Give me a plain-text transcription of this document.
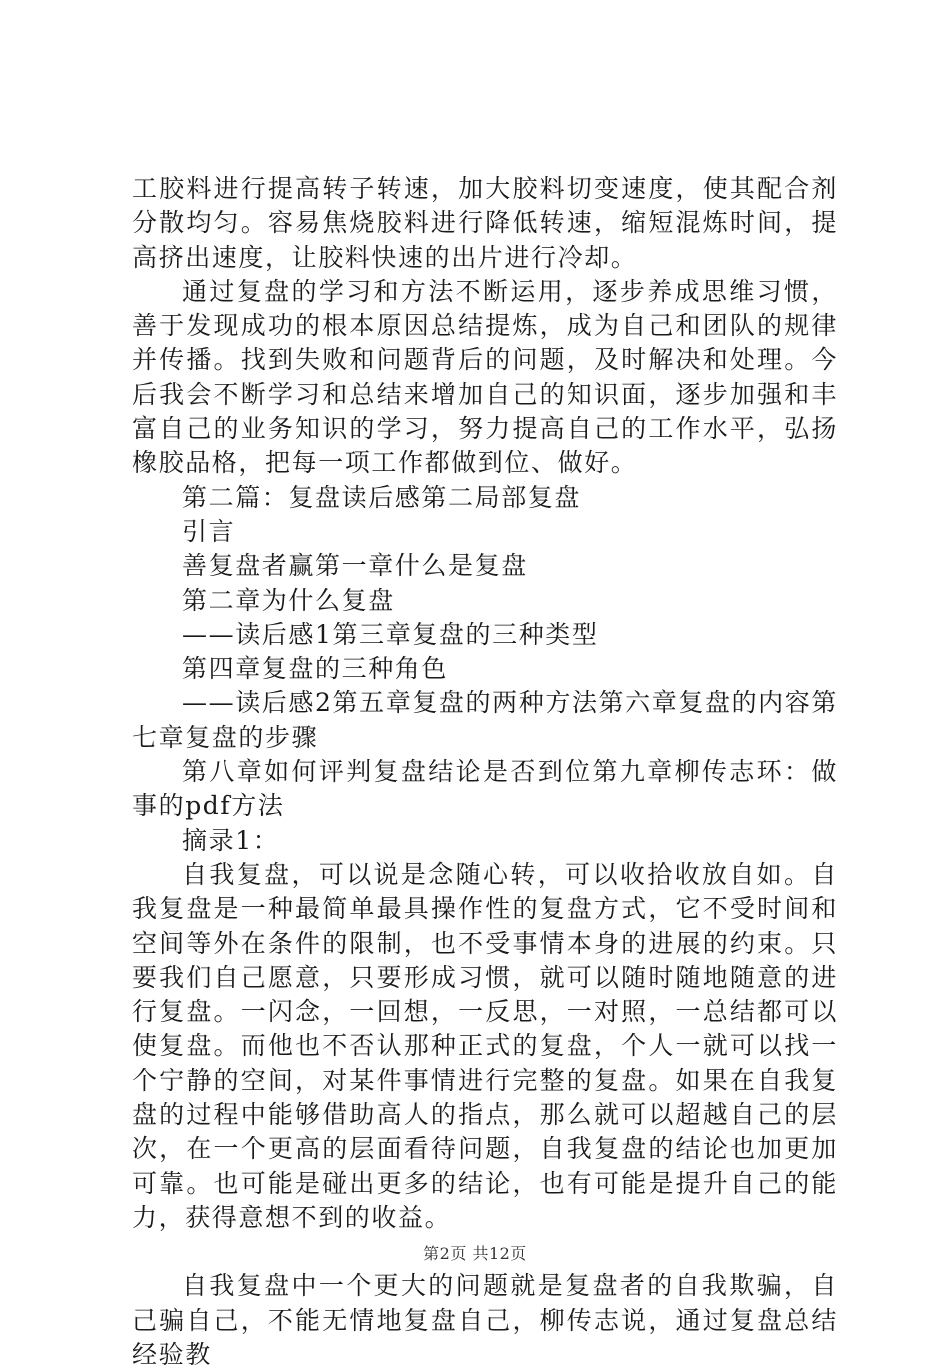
工胶料进行提高转子转速，加大胶料切变速度，使其配合剂分散均匀。容易焦烧胶料进行降低转速，缩短混炼时间，提高挤出速度，让胶料快速的出片进行冷却。

通过复盘的学习和方法不断运用，逐步养成思维习惯，善于发现成功的根本原因总结提炼，成为自己和团队的规律并传播。找到失败和问题背后的问题，及时解决和处理。今后我会不断学习和总结来增加自己的知识面，逐步加强和丰富自己的业务知识的学习，努力提高自己的工作水平，弘扬橡胶品格，把每一项工作都做到位、做好。

第二篇：复盘读后感第二局部复盘

引言

善复盘者赢第一章什么是复盘

第二章为什么复盘

——读后感1第三章复盘的三种类型

第四章复盘的三种角色

——读后感2第五章复盘的两种方法第六章复盘的内容第七章复盘的步骤

第八章如何评判复盘结论是否到位第九章柳传志环：做事的pdf方法

摘录1：

自我复盘，可以说是念随心转，可以收拾收放自如。自我复盘是一种最简单最具操作性的复盘方式，它不受时间和空间等外在条件的限制，也不受事情本身的进展的约束。只要我们自己愿意，只要形成习惯，就可以随时随地随意的进行复盘。一闪念，一回想，一反思，一对照，一总结都可以使复盘。而他也不否认那种正式的复盘，个人一就可以找一个宁静的空间，对某件事情进行完整的复盘。如果在自我复盘的过程中能够借助高人的指点，那么就可以超越自己的层次，在一个更高的层面看待问题，自我复盘的结论也加更加可靠。也可能是碰出更多的结论，也有可能是提升自己的能力，获得意想不到的收益。

自我复盘中一个更大的问题就是复盘者的自我欺骗，自己骗自己，不能无情地复盘自己，柳传志说，通过复盘总结经验教

第2页 共12页
